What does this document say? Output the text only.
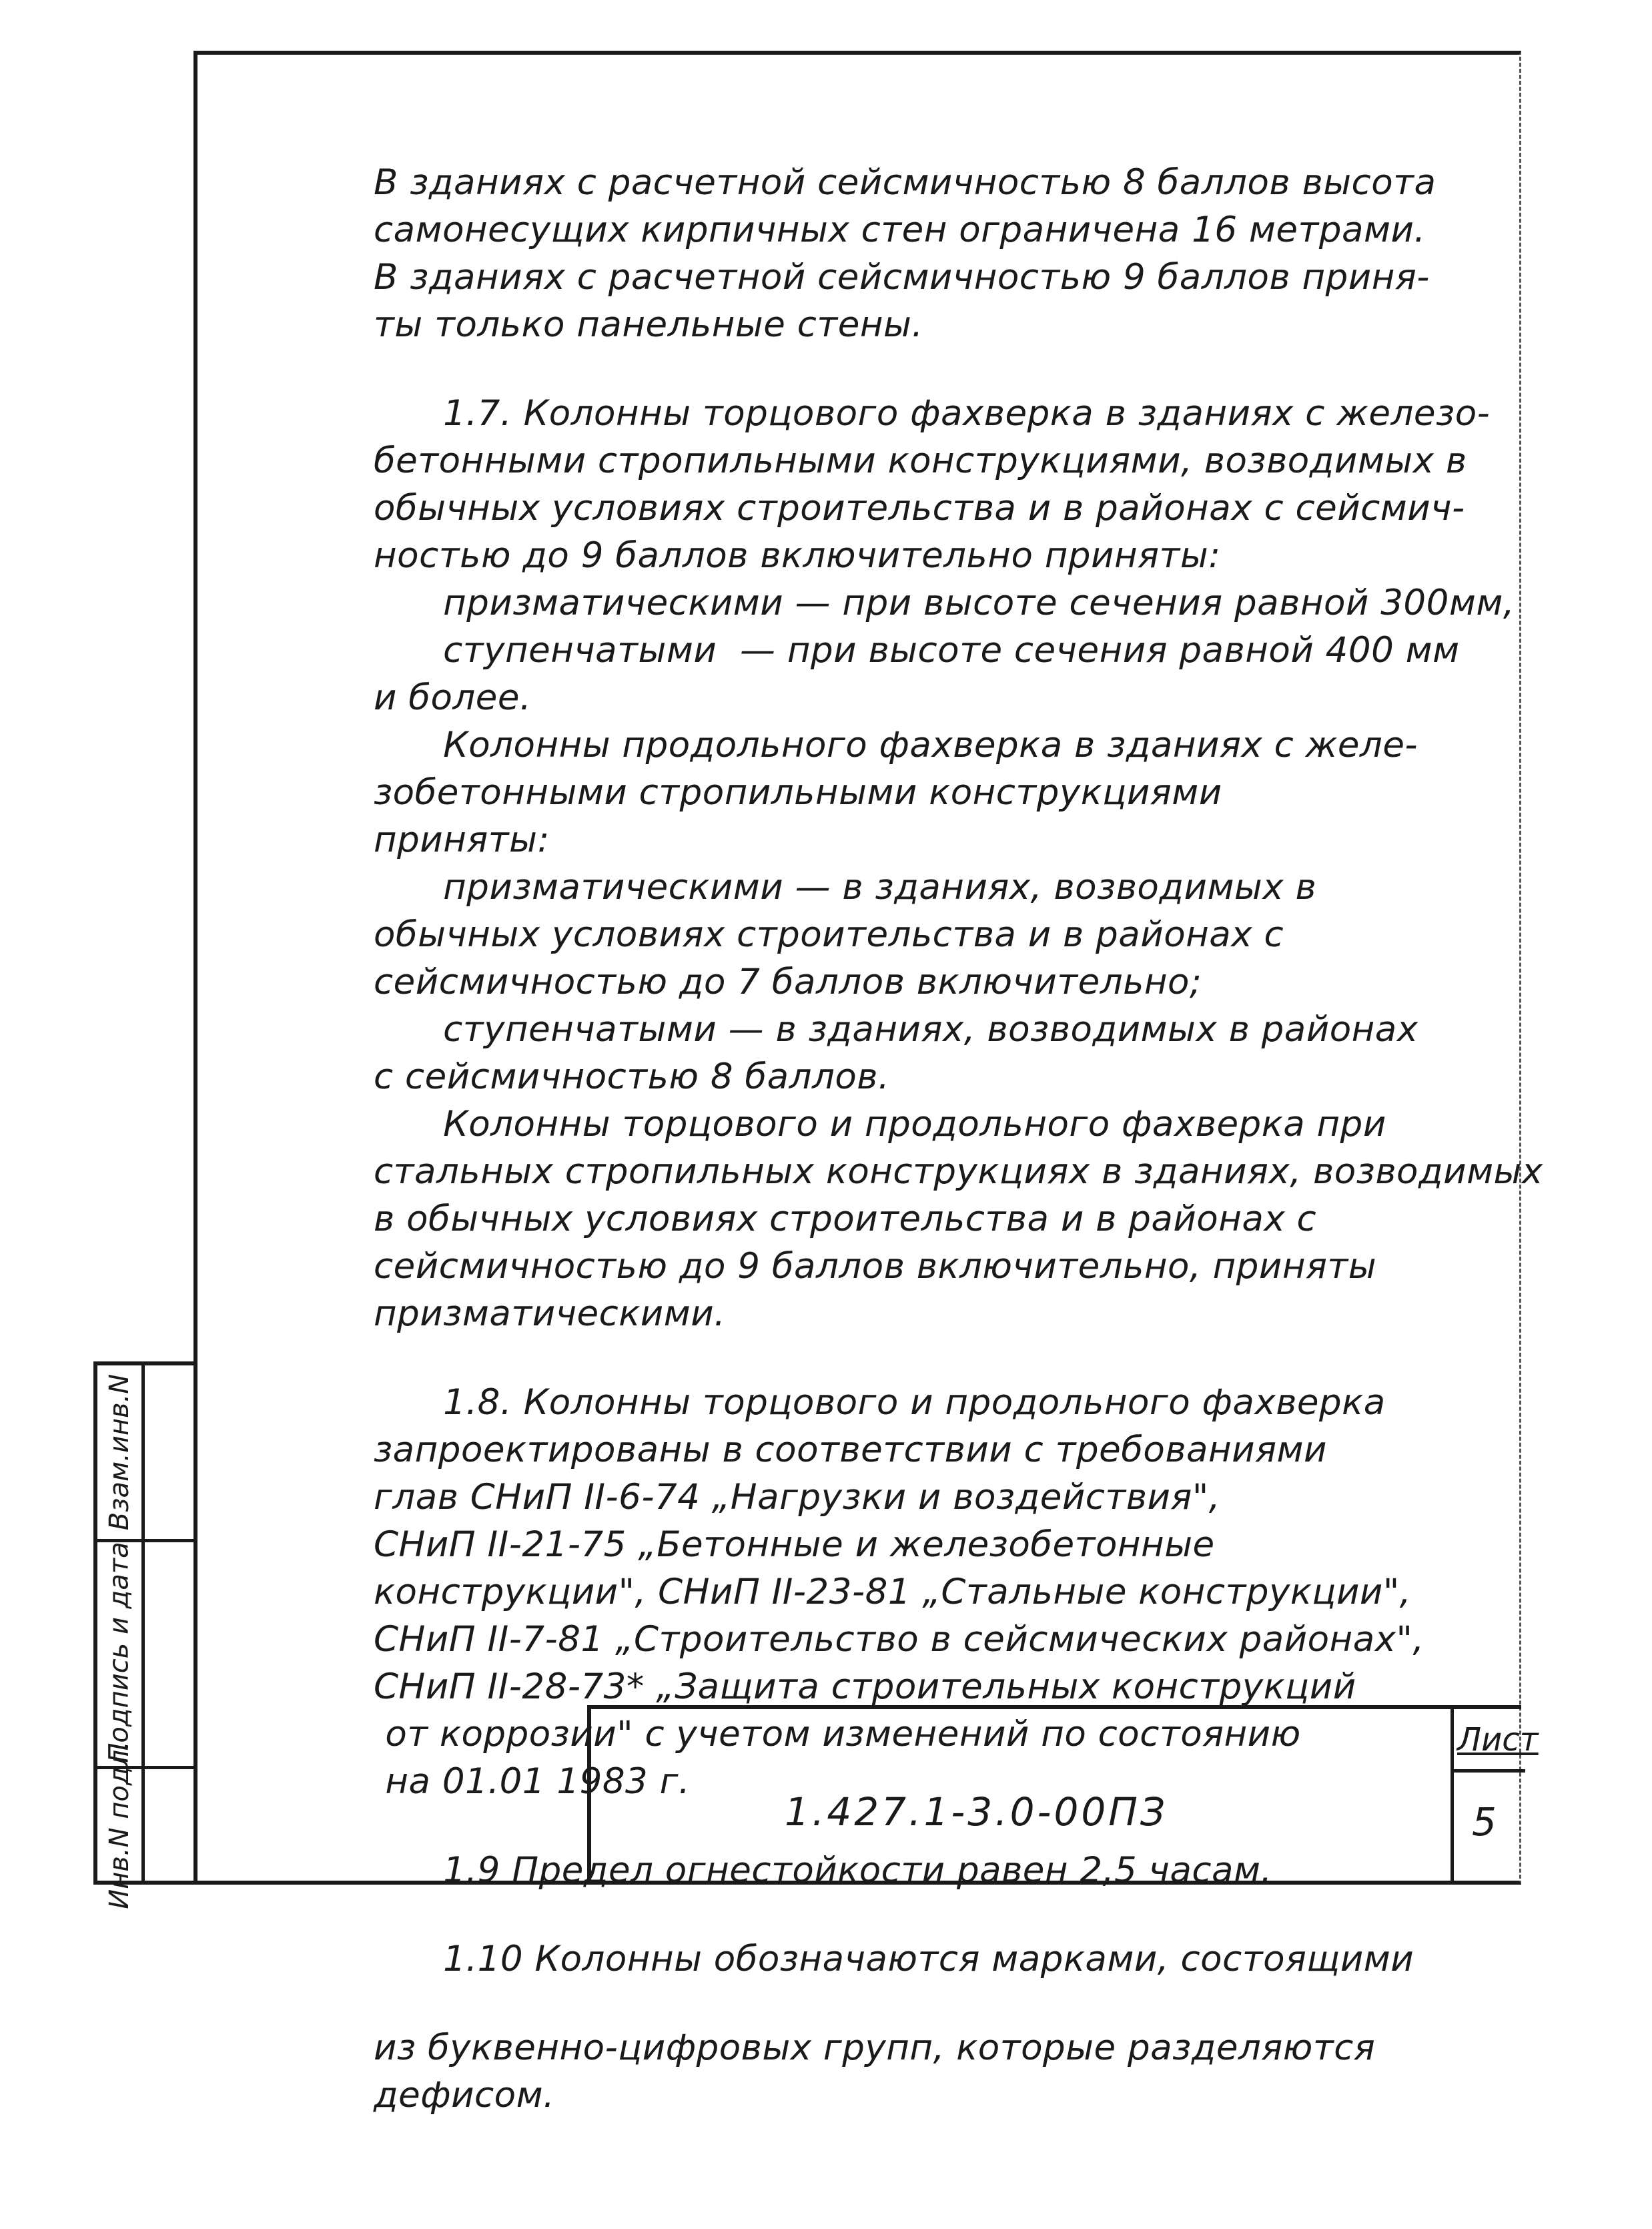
В зданиях с расчетной сейсмичностью 8 баллов высота
самонесущих кирпичных стен ограничена 16 метрами.
В зданиях с расчетной сейсмичностью 9 баллов приня-
ты только панельные стены.
1.7. Колонны торцового фахверка в зданиях с железо-
бетонными стропильными конструкциями, возводимых в
обычных условиях строительства и в районах с сейсмич-
ностью до 9 баллов включительно приняты:
призматическими — при высоте сечения равной 300мм,
ступенчатыми  — при высоте сечения равной 400 мм
и более.
Колонны продольного фахверка в зданиях с желе-
зобетонными стропильными конструкциями
приняты:
призматическими — в зданиях, возводимых в
обычных условиях строительства и в районах с
сейсмичностью до 7 баллов включительно;
ступенчатыми — в зданиях, возводимых в районах
с сейсмичностью 8 баллов.
Колонны торцового и продольного фахверка при
стальных стропильных конструкциях в зданиях, возводимых
в обычных условиях строительства и в районах с
сейсмичностью до 9 баллов включительно, приняты
призматическими.
1.8. Колонны торцового и продольного фахверка
запроектированы в соответствии с требованиями
глав СНиП II-6-74 „Нагрузки и воздействия",
СНиП II-21-75 „Бетонные и железобетонные
конструкции", СНиП II-23-81 „Стальные конструкции",
СНиП II-7-81 „Строительство в сейсмических районах",
СНиП II-28-73* „Защита строительных конструкций
от коррозии" с учетом изменений по состоянию
на 01.01 1983 г.
1.9 Предел огнестойкости равен 2,5 часам.
1.10 Колонны обозначаются марками, состоящими
из буквенно-цифровых групп, которые разделяются
дефисом.
Взам.инв.N
Подпись и дата
Инв.N подл.	1.427.1-3.0-00ПЗ
Лист
5
